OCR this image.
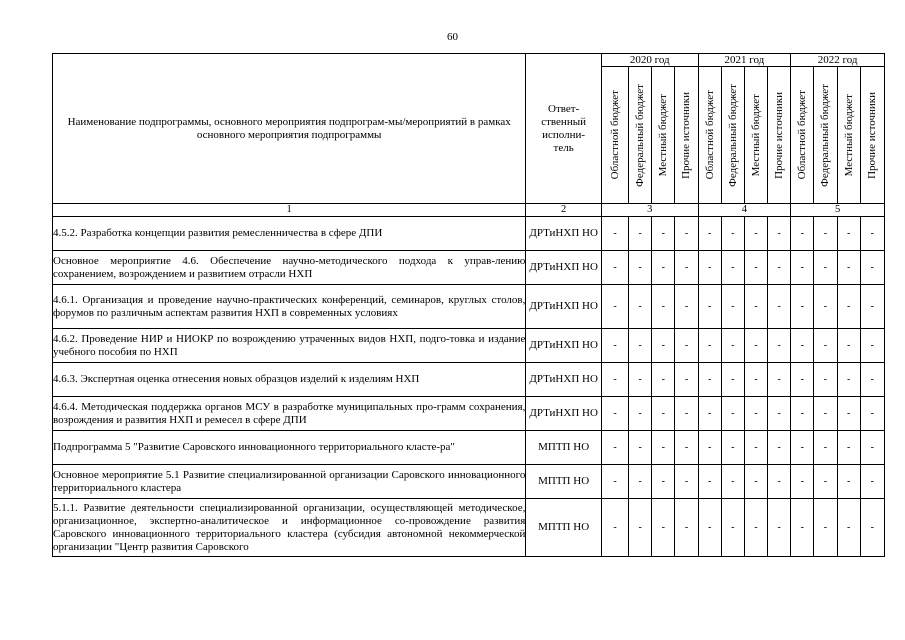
60
Наименование подпрограммы, основного мероприятия подпрограм-мы/мероприятий в рамках основного мероприятия подпрограммы	Ответ-
ственный
исполни-
тель	2020 год				2021 год				2022 год			

		Областной бюджет	Федеральный бюджет	Местный бюджет	Прочие источники	Областной бюджет	Федеральный бюджет	Местный бюджет	Прочие источники	Областной бюджет	Федеральный бюджет	Местный бюджет	Прочие источники

1	2	3				4				5			
4.5.2. Разработка концепции развития ремесленничества в сфере ДПИ	ДРТиНХП НО	-	-	-	-	-	-	-	-	-	-	-	-
Основное мероприятие 4.6. Обеспечение научно-методического подхода к управ-лению сохранением, возрождением и развитием отрасли НХП	ДРТиНХП НО	-	-	-	-	-	-	-	-	-	-	-	-
4.6.1. Организация и проведение научно-практических конференций, семинаров, круглых столов, форумов по различным аспектам развития НХП в современных условиях	ДРТиНХП НО	-	-	-	-	-	-	-	-	-	-	-	-
4.6.2. Проведение НИР и НИОКР по возрождению утраченных видов НХП, подго-товка и издание учебного пособия по НХП	ДРТиНХП НО	-	-	-	-	-	-	-	-	-	-	-	-
4.6.3. Экспертная оценка отнесения новых образцов изделий к изделиям НХП	ДРТиНХП НО	-	-	-	-	-	-	-	-	-	-	-	-
4.6.4. Методическая поддержка органов МСУ в разработке муниципальных про-грамм сохранения, возрождения и развития НХП и ремесел в сфере ДПИ	ДРТиНХП НО	-	-	-	-	-	-	-	-	-	-	-	-
Подпрограмма 5 "Развитие Саровского инновационного территориального класте-ра"	МПТП НО	-	-	-	-	-	-	-	-	-	-	-	-
Основное мероприятие 5.1 Развитие специализированной организации Саровского инновационного территориального кластера	МПТП НО	-	-	-	-	-	-	-	-	-	-	-	-
5.1.1. Развитие деятельности специализированной организации, осуществляющей методическое, организационное, экспертно-аналитическое и информационное со-провождение развития Саровского инновационного территориального кластера (субсидия автономной некоммерческой организации "Центр развития Саровского	МПТП НО	-	-	-	-	-	-	-	-	-	-	-	-
